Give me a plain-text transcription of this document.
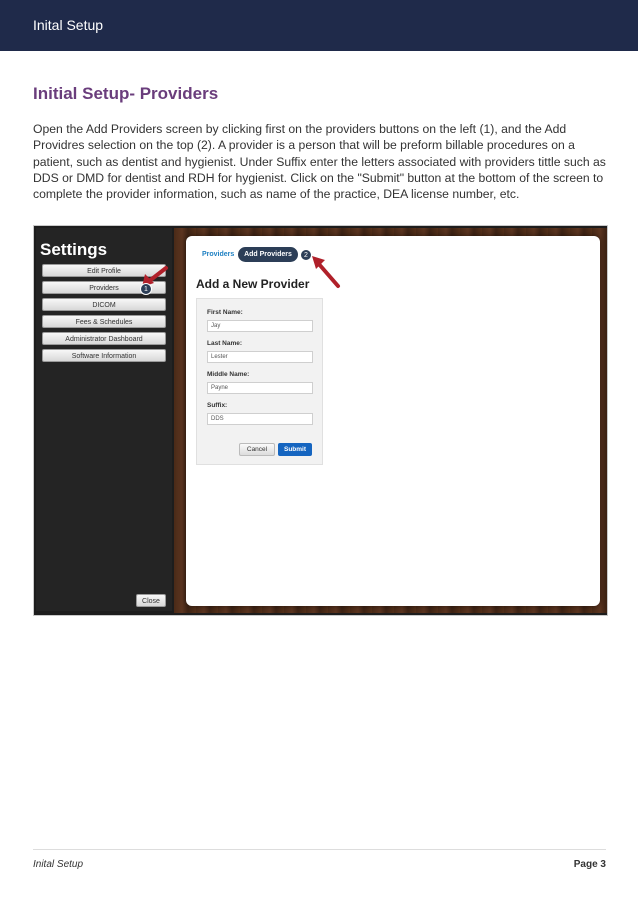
Inital Setup
Initial Setup- Providers

Open the Add Providers screen by clicking first on the providers buttons on the left (1), and the Add Providres selection on the top (2). A provider is a person that will be preform billable procedures on a patient, such as dentist and hygienist. Under Suffix enter the letters associated with providers tittle such as DDS or DMD for dentist and RDH for hygienist. Click on the "Submit" button at the bottom of the screen to complete the provider information, such as name of the practice, DEA license number, etc.

Settings
Edit Profile
Providers
DICOM
Fees & Schedules
Administrator Dashboard
Software Information
Close
Providers	Add Providers
Add a New Provider
First Name:
Jay
Last Name:
Lester
Middle Name:
Payne
Suffix:
DDS
Cancel	Submit
1
2
Inital Setup	Page 3
